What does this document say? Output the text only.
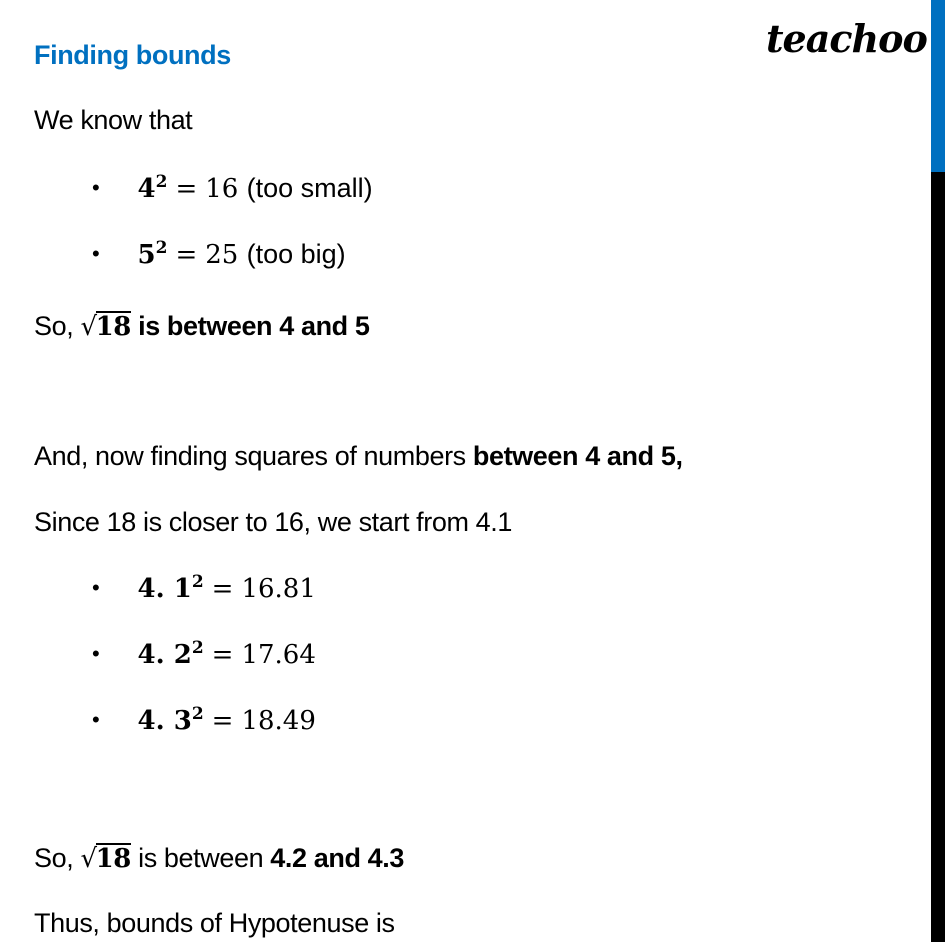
teachoo
Finding bounds
We know that
• $4^2 = 16$ (too small)
• $5^2 = 25$ (too big)
So, √18 is between 4 and 5
And, now finding squares of numbers between 4 and 5,
Since 18 is closer to 16, we start from 4.1
• 4. $1^2 = 16.81$
• 4. $2^2 = 17.64$
• 4. $3^2 = 18.49$
So, √18 is between 4.2 and 4.3
Thus, bounds of Hypotenuse is
